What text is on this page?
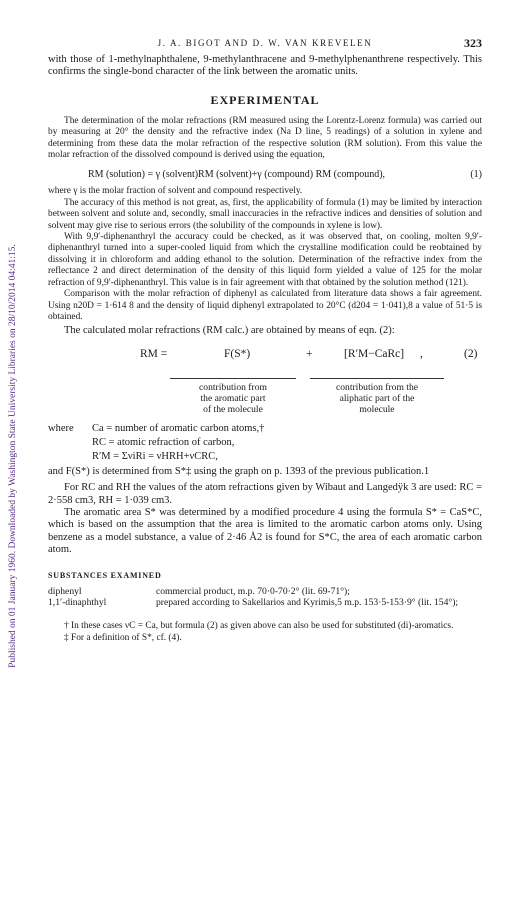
Published on 01 January 1960. Downloaded by Washington State University Libraries on 28/10/2014 04:41:15.
J. A. BIGOT AND D. W. VAN KREVELEN	323

with those of 1-methylnaphthalene, 9-methylanthracene and 9-methylphenanthrene respectively. This confirms the single-bond character of the link between the aromatic units.

EXPERIMENTAL

The determination of the molar refractions (RM measured using the Lorentz-Lorenz formula) was carried out by measuring at 20° the density and the refractive index (Na D line, 5 readings) of a solution in xylene and determining from these data the molar refraction of the respective solution (RM solution). From this value the molar refraction of the dissolved compound is derived using the equation,

RM (solution) = γ (solvent)RM (solvent)+γ (compound) RM (compound),	(1)

where γ is the molar fraction of solvent and compound respectively.

The accuracy of this method is not great, as, first, the applicability of formula (1) may be limited by interaction between solvent and solute and, secondly, small inaccuracies in the refractive indices and densities of solution and solvent may give rise to serious errors (the solubility of the compounds in xylene is low).

With 9,9′-diphenanthryl the accuracy could be checked, as it was observed that, on cooling, molten 9,9′-diphenanthryl turned into a super-cooled liquid from which the crystalline modification could be reobtained by dissolving it in chloroform and adding ethanol to the solution. Determination of the refractive index from the reflectance 2 and direct determination of the density of this liquid form yielded a value of 125 for the molar refraction of 9,9′-diphenanthryl. This value is in fair agreement with that obtained by the solution method (121).

Comparison with the molar refraction of diphenyl as calculated from literature data shows a fair agreement. Using n20D = 1·614 8 and the density of liquid diphenyl extrapolated to 20°C (d204 = 1·041),8 a value of 51·5 is obtained.

The calculated molar refractions (RM calc.) are obtained by means of eqn. (2):

RM =	F(S*)	+	[R′M−CaRc] ,	(2)
contribution from
the aromatic part
of the molecule
contribution from the
aliphatic part of the
molecule
where	Ca = number of aromatic carbon atoms,†
RC = atomic refraction of carbon,
R′M = ΣνiRi = νHRH+νCRC,

and F(S*) is determined from S*‡ using the graph on p. 1393 of the previous publication.1

For RC and RH the values of the atom refractions given by Wibaut and Langedÿk 3 are used: RC = 2·558 cm3, RH = 1·039 cm3.

The aromatic area S* was determined by a modified procedure 4 using the formula S* = CaS*C, which is based on the assumption that the area is limited to the aromatic carbon atoms only. Using benzene as a model substance, a value of 2·46 Å2 is found for S*C, the area of each aromatic carbon atom.

SUBSTANCES EXAMINED
diphenyl	commercial product, m.p. 70·0-70·2° (lit. 69-71°);
1,1′-dinaphthyl	prepared according to Sakellarios and Kyrimis,5 m.p. 153·5-153·9° (lit. 154°);

† In these cases νC = Ca, but formula (2) as given above can also be used for substituted (di)-aromatics.

‡ For a definition of S*, cf. (4).
